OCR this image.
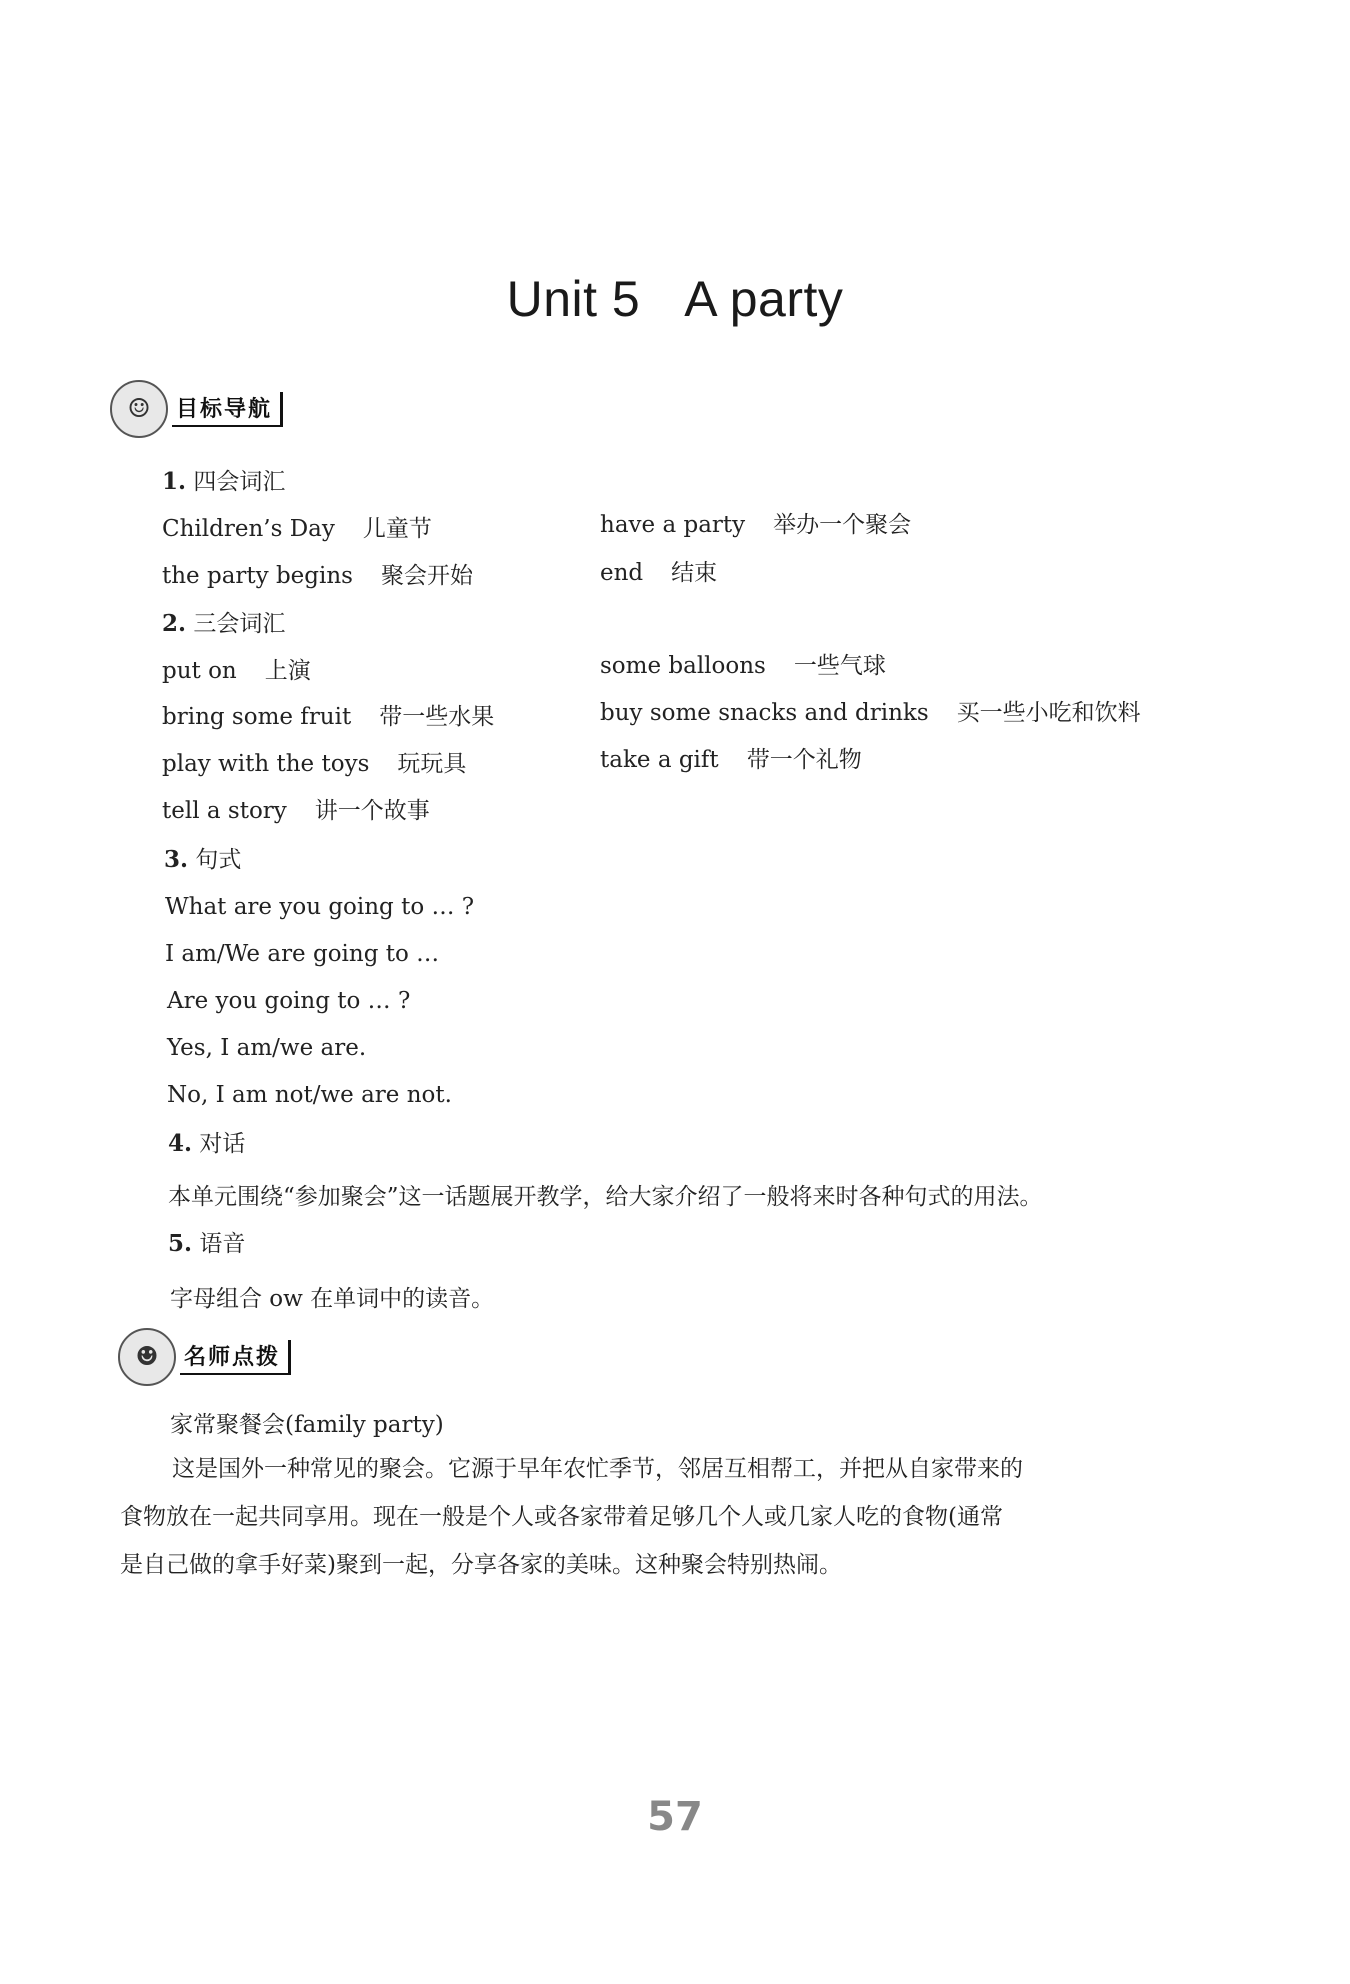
Unit 5 A party
☺	目标导航
1. 四会词汇
Children’s Day 儿童节	have a party 举办一个聚会
the party begins 聚会开始	end 结束
2. 三会词汇
put on 上演	some balloons 一些气球
bring some fruit 带一些水果	buy some snacks and drinks 买一些小吃和饮料
play with the toys 玩玩具	take a gift 带一个礼物
tell a story 讲一个故事
3. 句式
What are you going to … ?
I am/We are going to …
Are you going to … ?
Yes, I am/we are.
No, I am not/we are not.
4. 对话
本单元围绕“参加聚会”这一话题展开教学，给大家介绍了一般将来时各种句式的用法。
5. 语音
字母组合 ow 在单词中的读音。
☻	名师点拨
家常聚餐会(family party)
这是国外一种常见的聚会。它源于早年农忙季节，邻居互相帮工，并把从自家带来的
食物放在一起共同享用。现在一般是个人或各家带着足够几个人或几家人吃的食物(通常
是自己做的拿手好菜)聚到一起，分享各家的美味。这种聚会特别热闹。
57
